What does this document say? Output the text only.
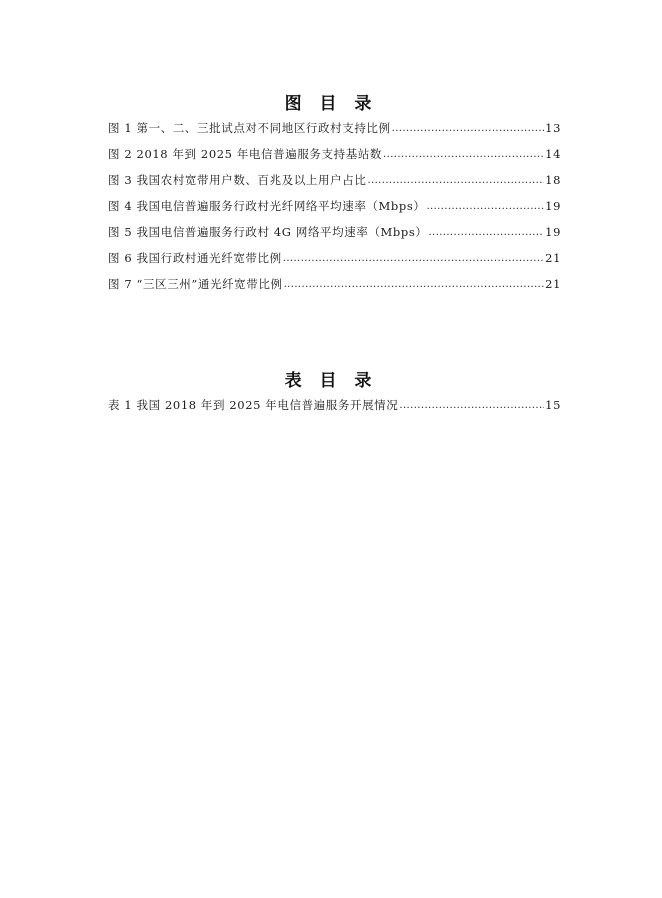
图 目 录
图 1 第一、二、三批试点对不同地区行政村支持比例 .....	13
图 2 2018 年到 2025 年电信普遍服务支持基站数 .....	14
图 3 我国农村宽带用户数、百兆及以上用户占比 .....	18
图 4 我国电信普遍服务行政村光纤网络平均速率（Mbps） .....	19
图 5 我国电信普遍服务行政村 4G 网络平均速率（Mbps） .....	19
图 6 我国行政村通光纤宽带比例 .....	21
图 7 “三区三州”通光纤宽带比例 .....	21
表 目 录
表 1 我国 2018 年到 2025 年电信普遍服务开展情况 .....	15
